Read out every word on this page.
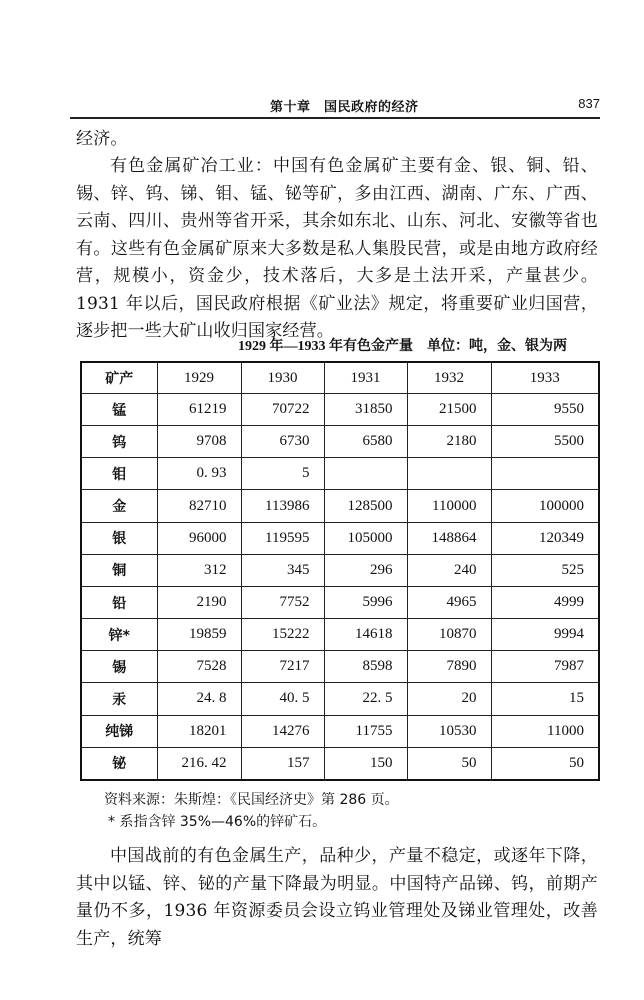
第十章　国民政府的经济	837
经济。
有色金属矿冶工业：中国有色金属矿主要有金、银、铜、铅、锡、锌、钨、锑、钼、锰、铋等矿，多由江西、湖南、广东、广西、云南、四川、贵州等省开采，其余如东北、山东、河北、安徽等省也有。这些有色金属矿原来大多数是私人集股民营，或是由地方政府经营，规模小，资金少，技术落后，大多是土法开采，产量甚少。1931 年以后，国民政府根据《矿业法》规定，将重要矿业归国营，逐步把一些大矿山收归国家经营。
1929 年—1933 年有色金产量　单位：吨，金、银为两
矿产	1929	1930	1931	1932	1933
锰	61219	70722	31850	21500	9550
钨	9708	6730	6580	2180	5500
钼	0. 93	5			
金	82710	113986	128500	110000	100000
银	96000	119595	105000	148864	120349
铜	312	345	296	240	525
铅	2190	7752	5996	4965	4999
锌*	19859	15222	14618	10870	9994
锡	7528	7217	8598	7890	7987
汞	24. 8	40. 5	22. 5	20	15
纯锑	18201	14276	11755	10530	11000
铋	216. 42	157	150	50	50
资料来源：朱斯煌：《民国经济史》第 286 页。
* 系指含锌 35%—46%的锌矿石。
中国战前的有色金属生产，品种少，产量不稳定，或逐年下降，其中以锰、锌、铋的产量下降最为明显。中国特产品锑、钨，前期产量仍不多，1936 年资源委员会设立钨业管理处及锑业管理处，改善生产，统筹
